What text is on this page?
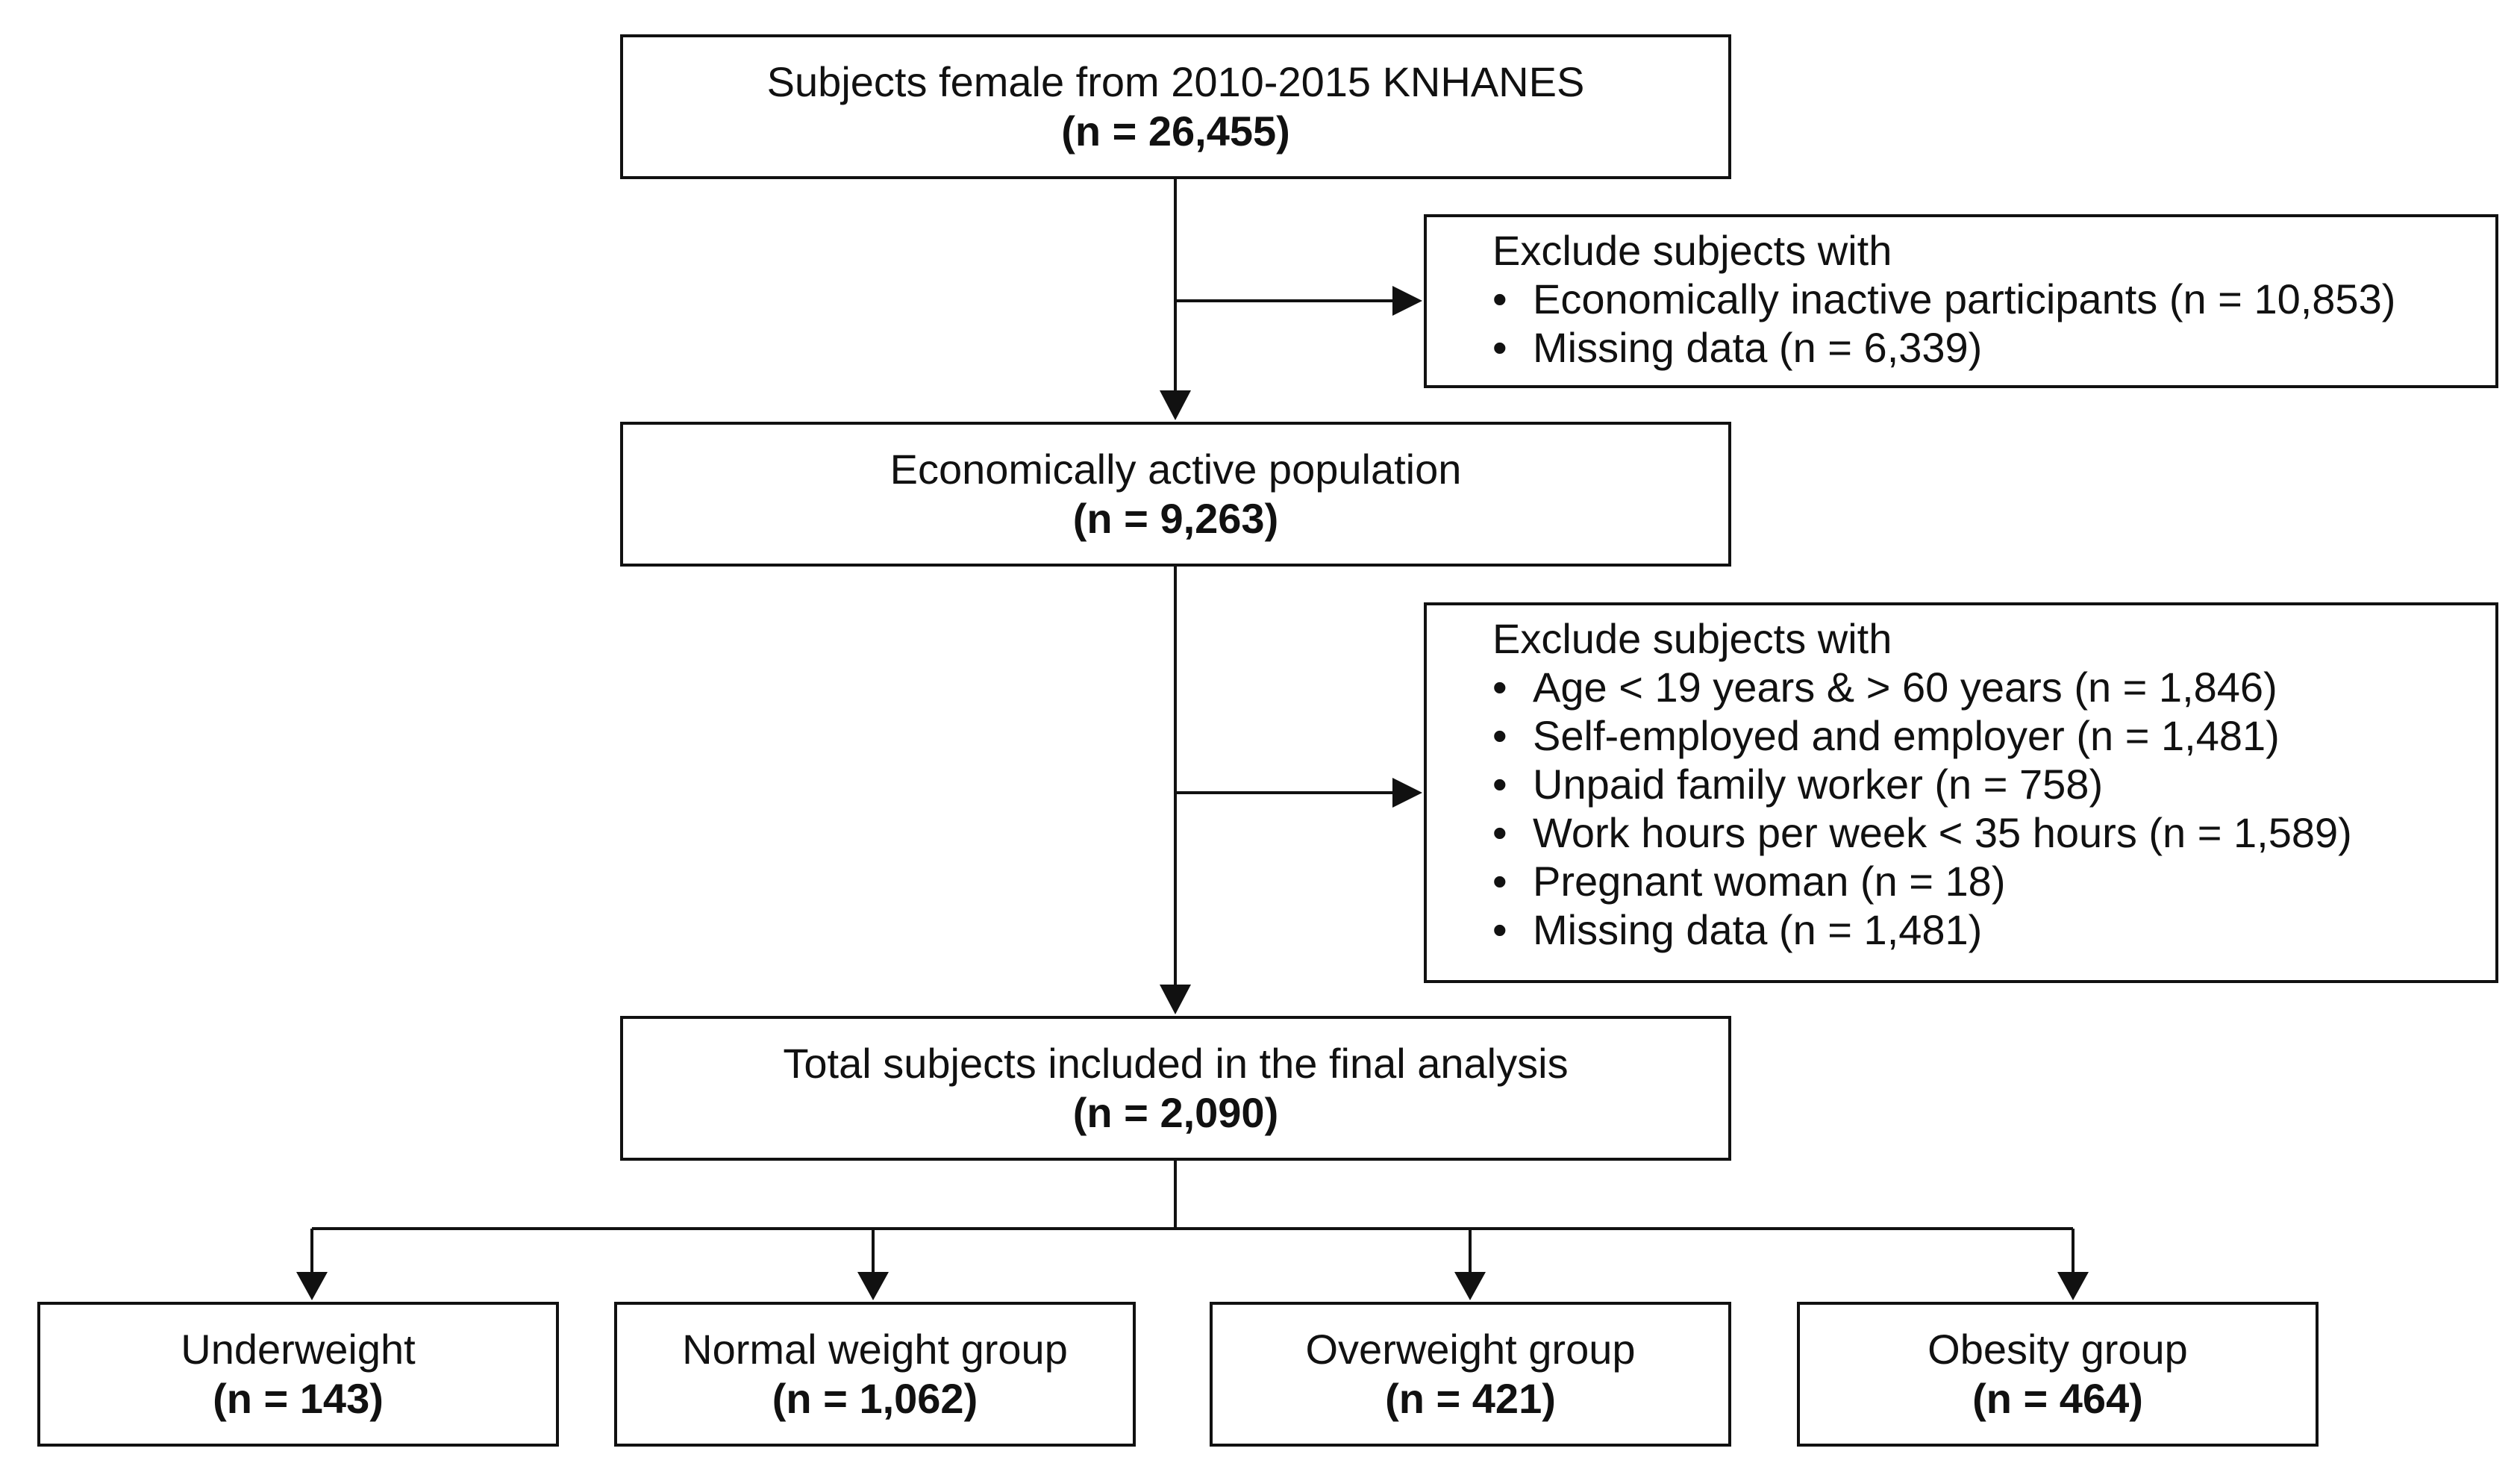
Subjects female from 2010-2015 KNHANES
(n = 26,455)
Exclude subjects with
• Economically inactive participants (n = 10,853)
• Missing data (n = 6,339)
Economically active population
(n = 9,263)
Exclude subjects with
• Age < 19 years & > 60 years (n = 1,846)
• Self-employed and employer (n = 1,481)
• Unpaid family worker (n = 758)
• Work hours per week < 35 hours (n = 1,589)
• Pregnant woman (n = 18)
• Missing data (n = 1,481)
Total subjects included in the final analysis
(n = 2,090)
Underweight
(n = 143)
Normal weight group
(n = 1,062)
Overweight group
(n = 421)
Obesity group
(n = 464)
